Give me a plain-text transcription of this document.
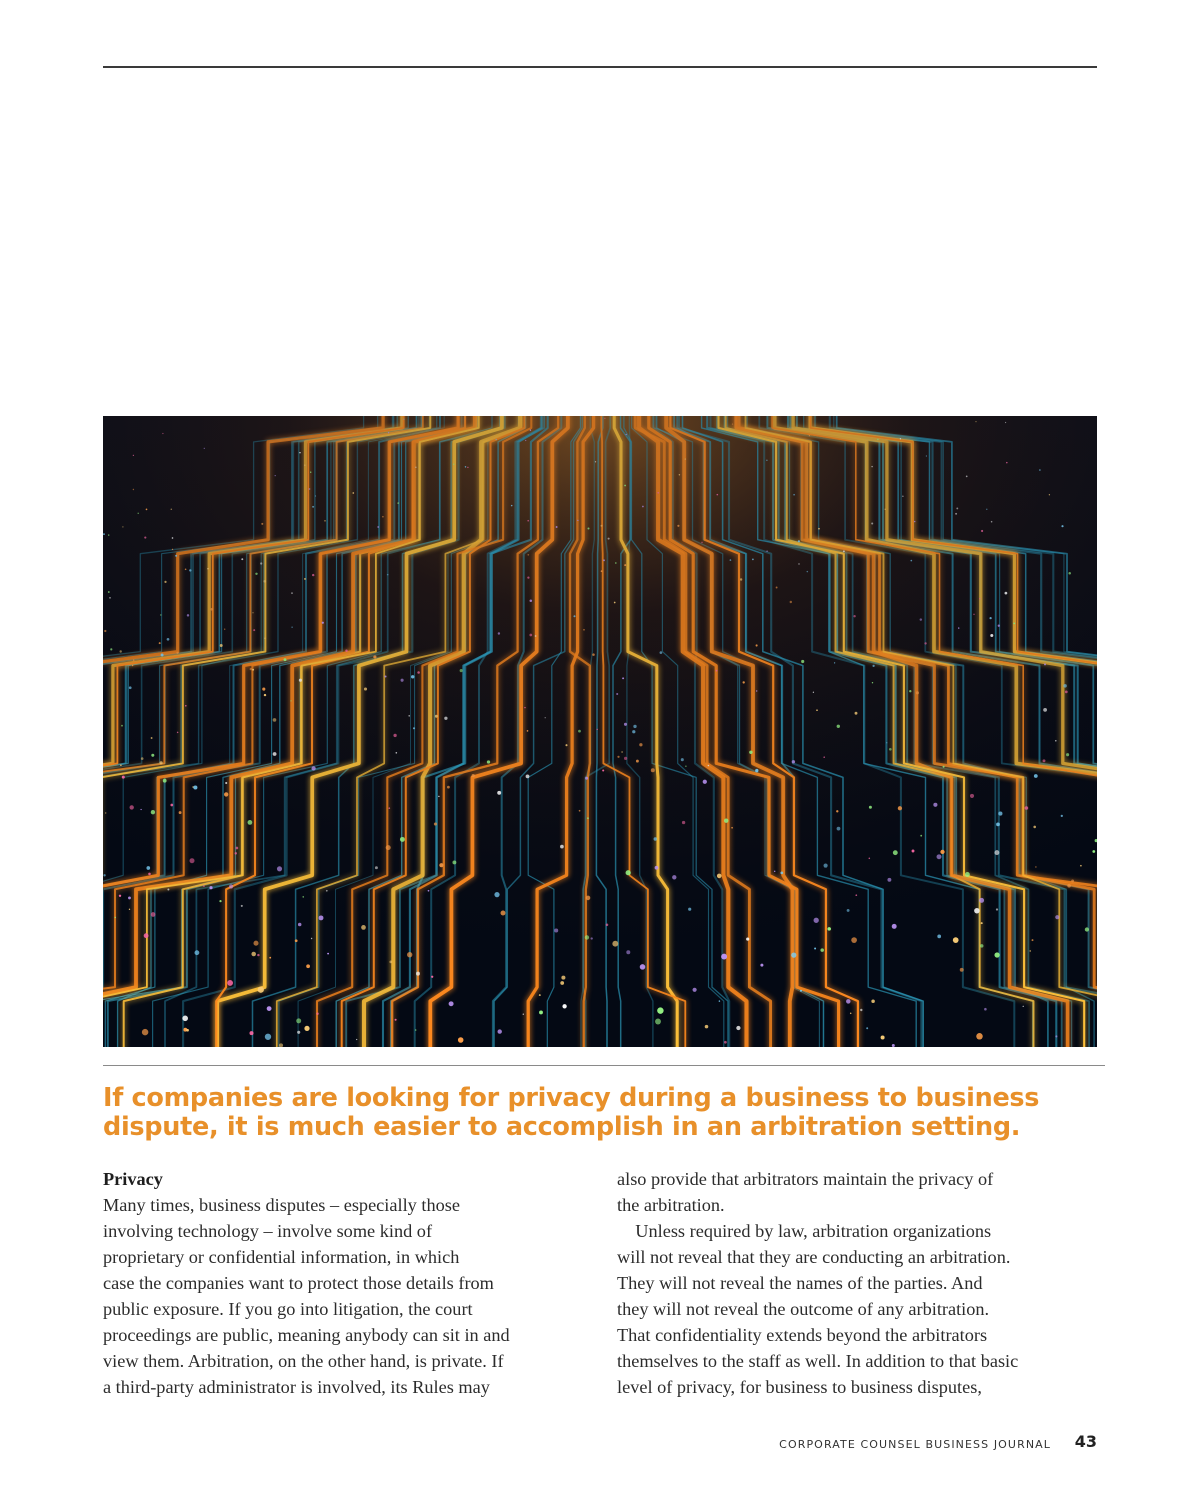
If companies are looking for privacy during a business to business dispute, it is much easier to accomplish in an arbitration setting.

Privacy
Many times, business disputes – especially those
involving technology – involve some kind of
proprietary or confidential information, in which
case the companies want to protect those details from
public exposure. If you go into litigation, the court
proceedings are public, meaning anybody can sit in and
view them. Arbitration, on the other hand, is private. If
a third-party administrator is involved, its Rules may
also provide that arbitrators maintain the privacy of
the arbitration.
Unless required by law, arbitration organizations
will not reveal that they are conducting an arbitration.
They will not reveal the names of the parties. And
they will not reveal the outcome of any arbitration.
That confidentiality extends beyond the arbitrators
themselves to the staff as well. In addition to that basic
level of privacy, for business to business disputes,
CORPORATE COUNSEL BUSINESS JOURNAL 43
